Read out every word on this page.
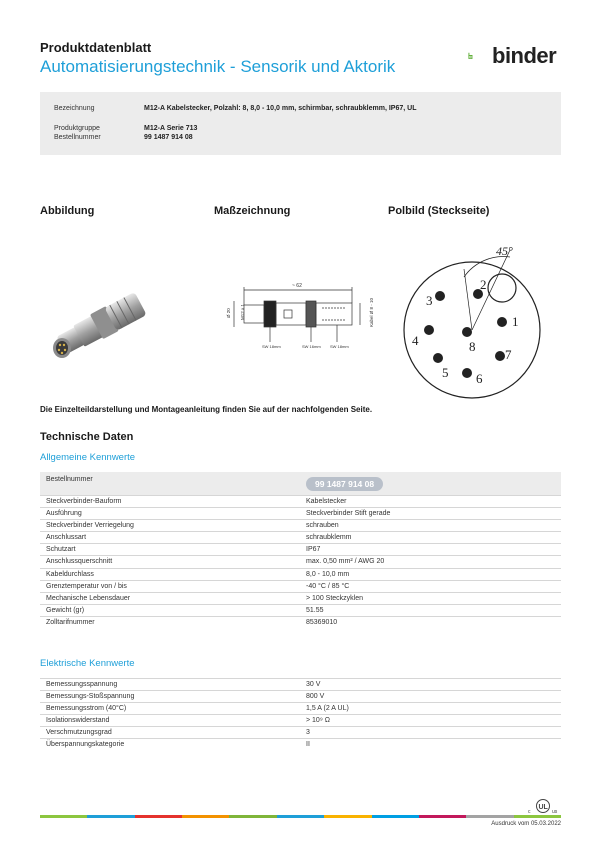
Produktdatenblatt
Automatisierungstechnik - Sensorik und Aktorik	binder
Bezeichnung	M12-A Kabelstecker, Polzahl: 8, 8,0 - 10,0 mm, schirmbar, schraubklemm, IP67, UL
Produktgruppe	M12-A Serie 713
Bestellnummer	99 1487 914 08
Abbildung	Maßzeichnung	Polbild (Steckseite)
~ 62
Ø 20 M12 x 1	Kabel Ø 8 - 10
SW 18mm	SW 16mm SW 18mm
45°
1
2
3
4
5 6
7
8
Die Einzelteildarstellung und Montageanleitung finden Sie auf der nachfolgenden Seite.
Technische Daten
Allgemeine Kennwerte
Bestellnummer	99 1487 914 08
Steckverbinder-Bauform	Kabelstecker
Ausführung	Steckverbinder Stift gerade
Steckverbinder Verriegelung	schrauben
Anschlussart	schraubklemm
Schutzart	IP67
Anschlussquerschnitt	max. 0,50 mm² / AWG 20
Kabeldurchlass	8,0 - 10,0 mm
Grenztemperatur von / bis	-40 °C / 85 °C
Mechanische Lebensdauer	> 100 Steckzyklen
Gewicht (gr)	51.55
Zolltarifnummer	85369010
Elektrische Kennwerte
Bemessungsspannung	30 V
Bemessungs-Stoßspannung	800 V
Bemessungsstrom (40°C)	1,5 A (2 A UL)
Isolationswiderstand	> 10⁹ Ω
Verschmutzungsgrad	3
Überspannungskategorie	II
UL
c	us
Ausdruck vom 05.03.2022
